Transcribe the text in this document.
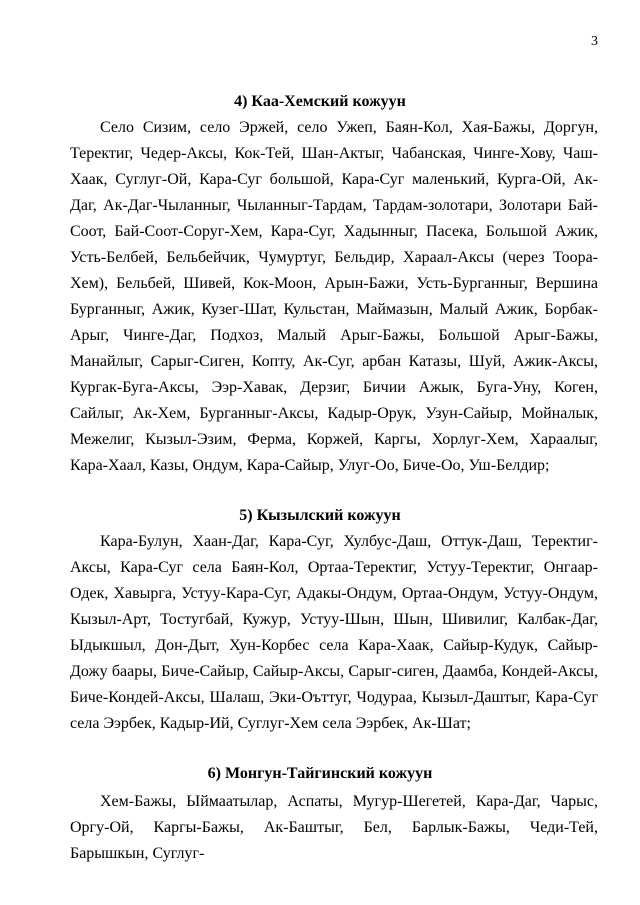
3
4) Каа-Хемский кожуун

Село Сизим, село Эржей, село Ужеп, Баян-Кол, Хая-Бажы, Доргун, Теректиг, Чедер-Аксы, Кок-Тей, Шан-Актыг, Чабанская, Чинге-Хову, Чаш-Хаак, Суглуг-Ой, Кара-Суг большой, Кара-Суг маленький, Курга-Ой, Ак-Даг, Ак-Даг-Чыланныг, Чыланныг-Тардам, Тардам-золотари, Золотари Бай-Соот, Бай-Соот-Соруг-Хем, Кара-Суг, Хадынныг, Пасека, Большой Ажик, Усть-Белбей, Бельбейчик, Чумуртуг, Бельдир, Хараал-Аксы (через Тоора-Хем), Бельбей, Шивей, Кок-Моон, Арын-Бажи, Усть-Бурганныг, Вершина Бурганныг, Ажик, Кузег-Шат, Кульстан, Маймазын, Малый Ажик, Борбак-Арыг, Чинге-Даг, Подхоз, Малый Арыг-Бажы, Большой Арыг-Бажы, Манайлыг, Сарыг-Сиген, Копту, Ак-Суг, арбан Катазы, Шуй, Ажик-Аксы, Кургак-Буга-Аксы, Ээр-Хавак, Дерзиг, Бичии Ажык, Буга-Уну, Коген, Сайлыг, Ак-Хем, Бурганныг-Аксы, Кадыр-Орук, Узун-Сайыр, Мойналык, Межелиг, Кызыл-Эзим, Ферма, Коржей, Каргы, Хорлуг-Хем, Хараалыг, Кара-Хаал, Казы, Ондум, Кара-Сайыр, Улуг-Оо, Биче-Оо, Уш-Белдир;

5) Кызылский кожуун

Кара-Булун, Хаан-Даг, Кара-Суг, Хулбус-Даш, Оттук-Даш, Теректиг-Аксы, Кара-Суг села Баян-Кол, Ортаа-Теректиг, Устуу-Теректиг, Онгаар-Одек, Хавырга, Устуу-Кара-Суг, Адакы-Ондум, Ортаа-Ондум, Устуу-Ондум, Кызыл-Арт, Тостугбай, Кужур, Устуу-Шын, Шын, Шивилиг, Калбак-Даг, Ыдыкшыл, Дон-Дыт, Хун-Корбес села Кара-Хаак, Сайыр-Кудук, Сайыр-Дожу баары, Биче-Сайыр, Сайыр-Аксы, Сарыг-сиген, Даамба, Кондей-Аксы, Биче-Кондей-Аксы, Шалаш, Эки-Оъттуг, Чодураа, Кызыл-Даштыг, Кара-Суг села Ээрбек, Кадыр-Ий, Суглуг-Хем села Ээрбек, Ак-Шат;

6) Монгун-Тайгинский кожуун

Хем-Бажы, Ыймаатылар, Аспаты, Мугур-Шегетей, Кара-Даг, Чарыс, Оргу-Ой, Каргы-Бажы, Ак-Баштыг, Бел, Барлык-Бажы, Чеди-Тей, Барышкын, Суглуг-
